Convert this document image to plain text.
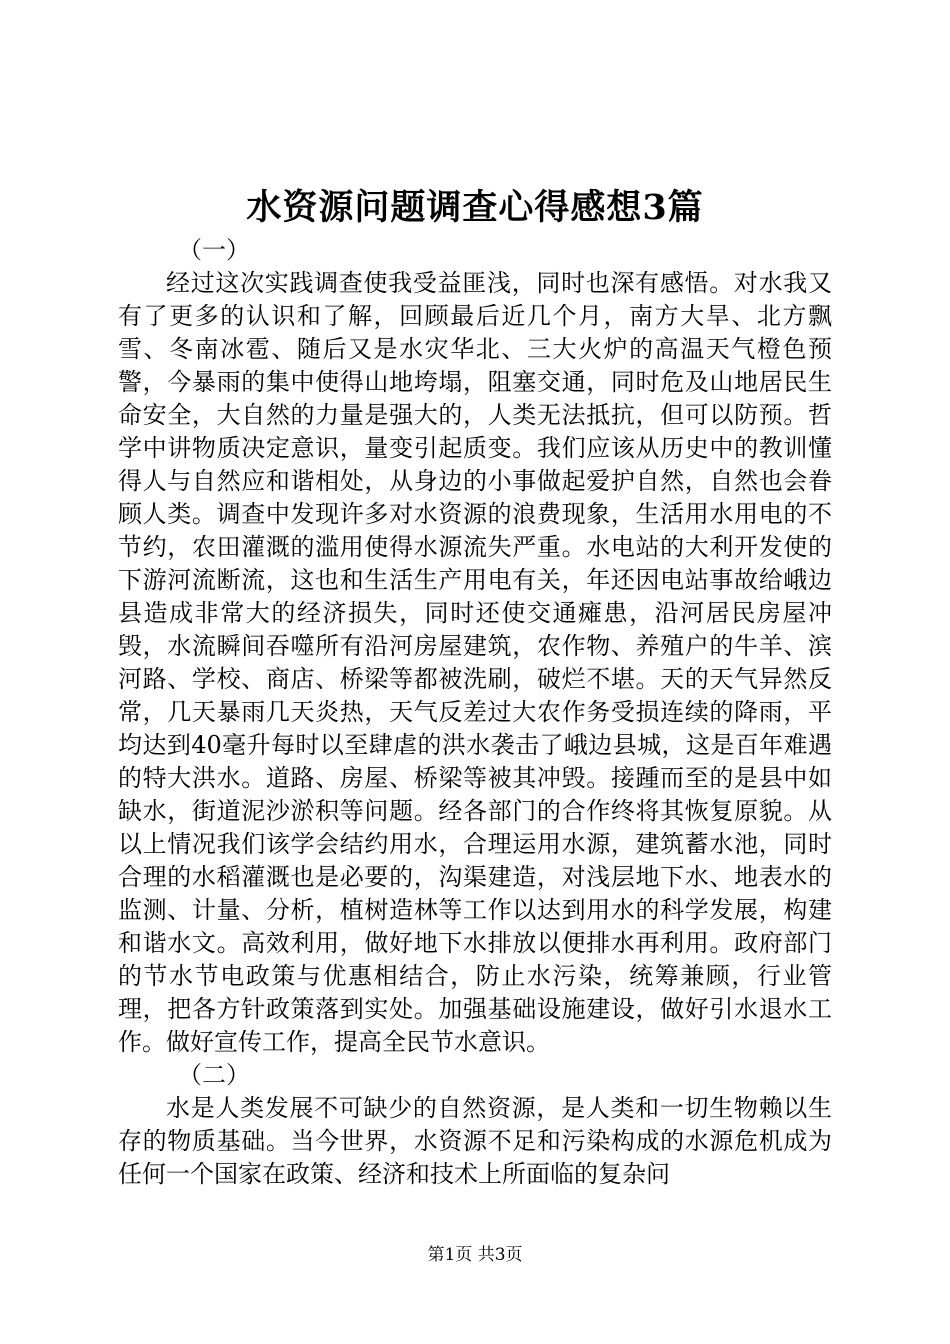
水资源问题调查心得感想3篇

（一）

经过这次实践调查使我受益匪浅，同时也深有感悟。对水我又有了更多的认识和了解，回顾最后近几个月，南方大旱、北方飘雪、冬南冰雹、随后又是水灾华北、三大火炉的高温天气橙色预警，今暴雨的集中使得山地垮塌，阻塞交通，同时危及山地居民生命安全，大自然的力量是强大的，人类无法抵抗，但可以防预。哲学中讲物质决定意识，量变引起质变。我们应该从历史中的教训懂得人与自然应和谐相处，从身边的小事做起爱护自然，自然也会眷顾人类。调查中发现许多对水资源的浪费现象，生活用水用电的不节约，农田灌溉的滥用使得水源流失严重。水电站的大利开发使的下游河流断流，这也和生活生产用电有关，年还因电站事故给峨边县造成非常大的经济损失，同时还使交通瘫患，沿河居民房屋冲毁，水流瞬间吞噬所有沿河房屋建筑，农作物、养殖户的牛羊、滨河路、学校、商店、桥梁等都被洗刷，破烂不堪。天的天气异然反常，几天暴雨几天炎热，天气反差过大农作务受损连续的降雨，平均达到40毫升每时以至肆虐的洪水袭击了峨边县城，这是百年难遇的特大洪水。道路、房屋、桥梁等被其冲毁。接踵而至的是县中如缺水，街道泥沙淤积等问题。经各部门的合作终将其恢复原貌。从以上情况我们该学会结约用水，合理运用水源，建筑蓄水池，同时合理的水稻灌溉也是必要的，沟渠建造，对浅层地下水、地表水的监测、计量、分析，植树造林等工作以达到用水的科学发展，构建和谐水文。高效利用，做好地下水排放以便排水再利用。政府部门的节水节电政策与优惠相结合，防止水污染，统筹兼顾，行业管理，把各方针政策落到实处。加强基础设施建设，做好引水退水工作。做好宣传工作，提高全民节水意识。

（二）

水是人类发展不可缺少的自然资源，是人类和一切生物赖以生存的物质基础。当今世界，水资源不足和污染构成的水源危机成为任何一个国家在政策、经济和技术上所面临的复杂问

第1页 共3页
